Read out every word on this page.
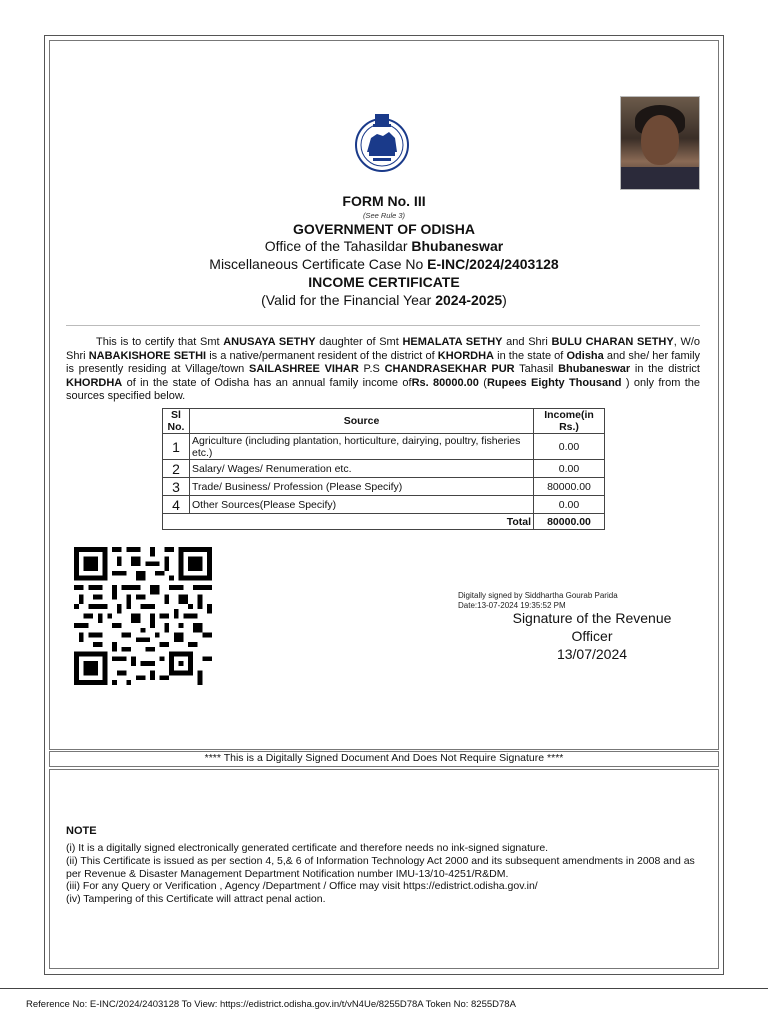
FORM No. III
(See Rule 3)
GOVERNMENT OF ODISHA
Office of the Tahasildar Bhubaneswar
Miscellaneous Certificate Case No E-INC/2024/2403128
INCOME CERTIFICATE
(Valid for the Financial Year 2024-2025)
This is to certify that Smt ANUSAYA SETHY daughter of Smt HEMALATA SETHY and Shri BULU CHARAN SETHY, W/o Shri NABAKISHORE SETHI is a native/permanent resident of the district of KHORDHA in the state of Odisha and she/ her family is presently residing at Village/town SAILASHREE VIHAR P.S CHANDRASEKHAR PUR Tahasil Bhubaneswar in the district KHORDHA of in the state of Odisha has an annual family income ofRs. 80000.00 (Rupees Eighty Thousand ) only from the sources specified below.
Sl No.	Source	Income(in Rs.)
1	Agriculture (including plantation, horticulture, dairying, poultry, fisheries etc.)	0.00
2	Salary/ Wages/ Renumeration etc.	0.00
3	Trade/ Business/ Profession (Please Specify)	80000.00
4	Other Sources(Please Specify)	0.00
Total		80000.00
Digitally signed by Siddhartha Gourab Parida
Date:13-07-2024 19:35:52 PM
Signature of the Revenue
Officer
13/07/2024
**** This is a Digitally Signed Document And Does Not Require Signature ****
NOTE
(i) It is a digitally signed electronically generated certificate and therefore needs no ink-signed signature.
(ii) This Certificate is issued as per section 4, 5,& 6 of Information Technology Act 2000 and its subsequent amendments in 2008 and as per Revenue & Disaster Management Department Notification number IMU-13/10-4251/R&DM.
(iii) For any Query or Verification , Agency /Department / Office may visit https://edistrict.odisha.gov.in/
(iv) Tampering of this Certificate will attract penal action.
Reference No: E-INC/2024/2403128 To View: https://edistrict.odisha.gov.in/t/vN4Ue/8255D78A Token No: 8255D78A
